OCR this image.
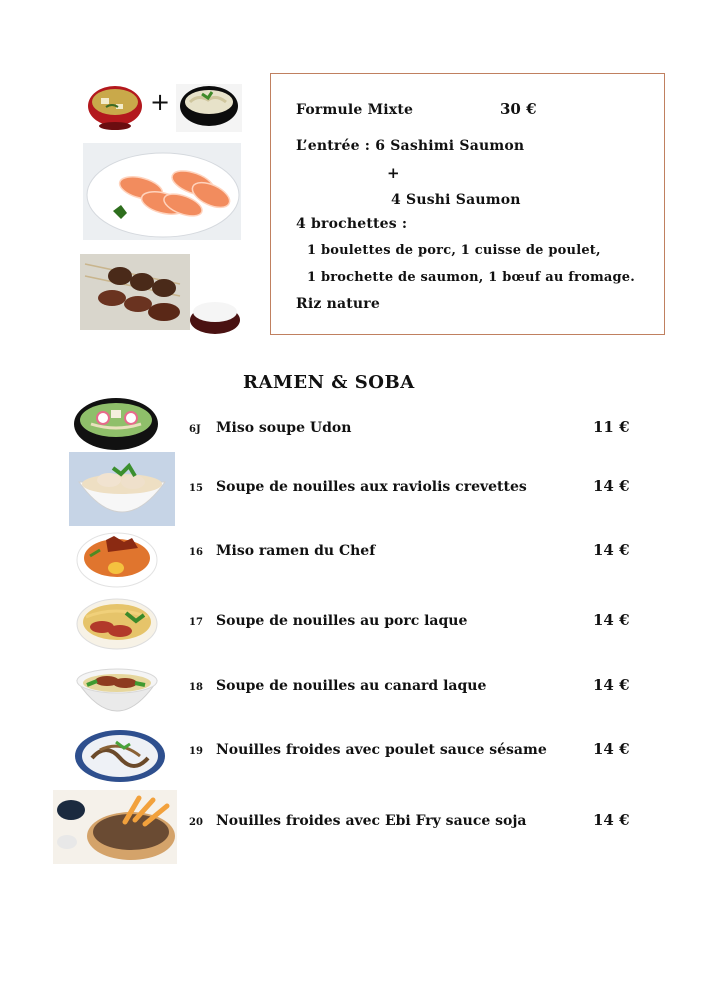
+	Formule Mixte	30 €
L’entrée : 6 Sashimi Saumon
+
4 Sushi Saumon
4 brochettes :
1 boulettes de porc, 1 cuisse de poulet,
1 brochette de saumon, 1 bœuf au fromage.
Riz nature
RAMEN & SOBA
6J Miso soupe Udon	11 €
15 Soupe de nouilles aux raviolis crevettes	14 €
16 Miso ramen du Chef	14 €
17 Soupe de nouilles au porc laque	14 €
18 Soupe de nouilles au canard laque	14 €
19 Nouilles froides avec poulet sauce sésame	14 €
20 Nouilles froides avec Ebi Fry sauce soja	14 €
